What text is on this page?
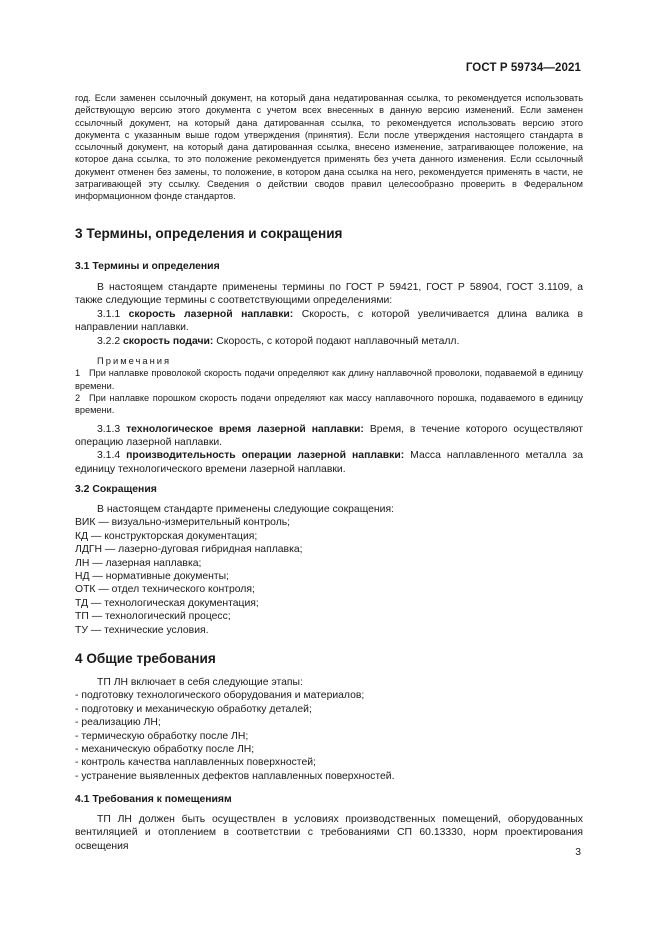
ГОСТ Р 59734—2021
год. Если заменен ссылочный документ, на который дана недатированная ссылка, то рекомендуется использовать действующую версию этого документа с учетом всех внесенных в данную версию изменений. Если заменен ссылочный документ, на который дана датированная ссылка, то рекомендуется использовать версию этого документа с указанным выше годом утверждения (принятия). Если после утверждения настоящего стандарта в ссылочный документ, на который дана датированная ссылка, внесено изменение, затрагивающее положение, на которое дана ссылка, то это положение рекомендуется применять без учета данного изменения. Если ссылочный документ отменен без замены, то положение, в котором дана ссылка на него, рекомендуется применять в части, не затрагивающей эту ссылку. Сведения о действии сводов правил целесообразно проверить в Федеральном информационном фонде стандартов.
3 Термины, определения и сокращения
3.1 Термины и определения

В настоящем стандарте применены термины по ГОСТ Р 59421, ГОСТ Р 58904, ГОСТ 3.1109, а также следующие термины с соответствующими определениями:

3.1.1 скорость лазерной наплавки: Скорость, с которой увеличивается длина валика в направлении наплавки.

3.2.2 скорость подачи: Скорость, с которой подают наплавочный металл.

Примечания

1 При наплавке проволокой скорость подачи определяют как длину наплавочной проволоки, подаваемой в единицу времени.

2 При наплавке порошком скорость подачи определяют как массу наплавочного порошка, подаваемого в единицу времени.

3.1.3 технологическое время лазерной наплавки: Время, в течение которого осуществляют операцию лазерной наплавки.

3.1.4 производительность операции лазерной наплавки: Масса наплавленного металла за единицу технологического времени лазерной наплавки.

3.2 Сокращения

В настоящем стандарте применены следующие сокращения:

ВИК — визуально-измерительный контроль;

КД — конструкторская документация;

ЛДГН — лазерно-дуговая гибридная наплавка;

ЛН — лазерная наплавка;

НД — нормативные документы;

ОТК — отдел технического контроля;

ТД — технологическая документация;

ТП — технологический процесс;

ТУ — технические условия.

4 Общие требования

ТП ЛН включает в себя следующие этапы:

- подготовку технологического оборудования и материалов;

- подготовку и механическую обработку деталей;

- реализацию ЛН;

- термическую обработку после ЛН;

- механическую обработку после ЛН;

- контроль качества наплавленных поверхностей;

- устранение выявленных дефектов наплавленных поверхностей.

4.1 Требования к помещениям
ТП ЛН должен быть осуществлен в условиях производственных помещений, оборудованных вентиляцией и отоплением в соответствии с требованиями СП 60.13330, норм проектирования освещения
3
